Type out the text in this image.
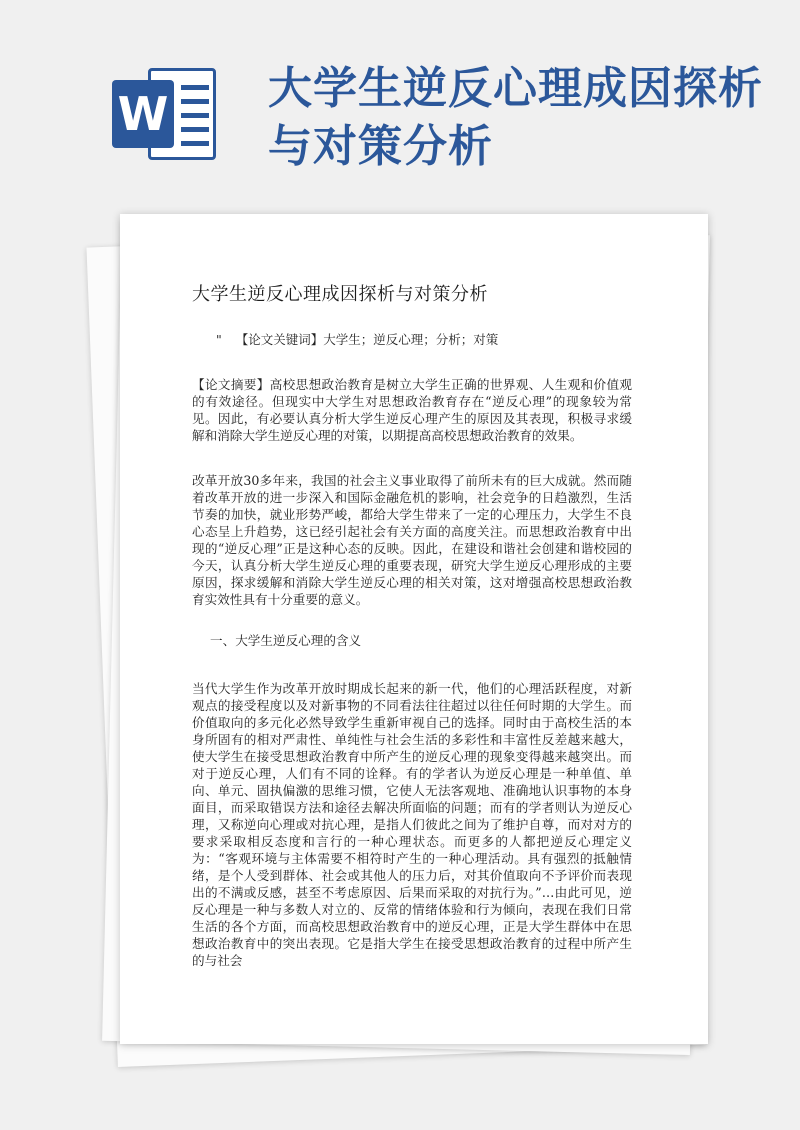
W 大学生逆反心理成因探析与对策分析
大学生逆反心理成因探析与对策分析
" 【论文关键词】大学生；逆反心理；分析；对策

【论文摘要】高校思想政治教育是树立大学生正确的世界观、人生观和价值观的有效途径。但现实中大学生对思想政治教育存在“逆反心理”的现象较为常见。因此，有必要认真分析大学生逆反心理产生的原因及其表现，积极寻求缓解和消除大学生逆反心理的对策，以期提高高校思想政治教育的效果。

改革开放30多年来，我国的社会主义事业取得了前所未有的巨大成就。然而随着改革开放的进一步深入和国际金融危机的影响，社会竞争的日趋激烈，生活节奏的加快，就业形势严峻，都给大学生带来了一定的心理压力，大学生不良心态呈上升趋势，这已经引起社会有关方面的高度关注。而思想政治教育中出现的“逆反心理”正是这种心态的反映。因此，在建设和谐社会创建和谐校园的今天，认真分析大学生逆反心理的重要表现，研究大学生逆反心理形成的主要原因，探求缓解和消除大学生逆反心理的相关对策，这对增强高校思想政治教育实效性具有十分重要的意义。

一、大学生逆反心理的含义

当代大学生作为改革开放时期成长起来的新一代，他们的心理活跃程度，对新观点的接受程度以及对新事物的不同看法往往超过以往任何时期的大学生。而价值取向的多元化必然导致学生重新审视自己的选择。同时由于高校生活的本身所固有的相对严肃性、单纯性与社会生活的多彩性和丰富性反差越来越大，使大学生在接受思想政治教育中所产生的逆反心理的现象变得越来越突出。而对于逆反心理，人们有不同的诠释。有的学者认为逆反心理是一种单值、单向、单元、固执偏激的思维习惯，它使人无法客观地、准确地认识事物的本身面目，而采取错误方法和途径去解决所面临的问题；而有的学者则认为逆反心理，又称逆向心理或对抗心理，是指人们彼此之间为了维护自尊，而对对方的要求采取相反态度和言行的一种心理状态。而更多的人都把逆反心理定义为：“客观环境与主体需要不相符时产生的一种心理活动。具有强烈的抵触情绪，是个人受到群体、社会或其他人的压力后，对其价值取向不予评价而表现出的不满或反感，甚至不考虑原因、后果而采取的对抗行为。”…由此可见，逆反心理是一种与多数人对立的、反常的情绪体验和行为倾向，表现在我们日常生活的各个方面，而高校思想政治教育中的逆反心理，正是大学生群体中在思想政治教育中的突出表现。它是指大学生在接受思想政治教育的过程中所产生的与社会
